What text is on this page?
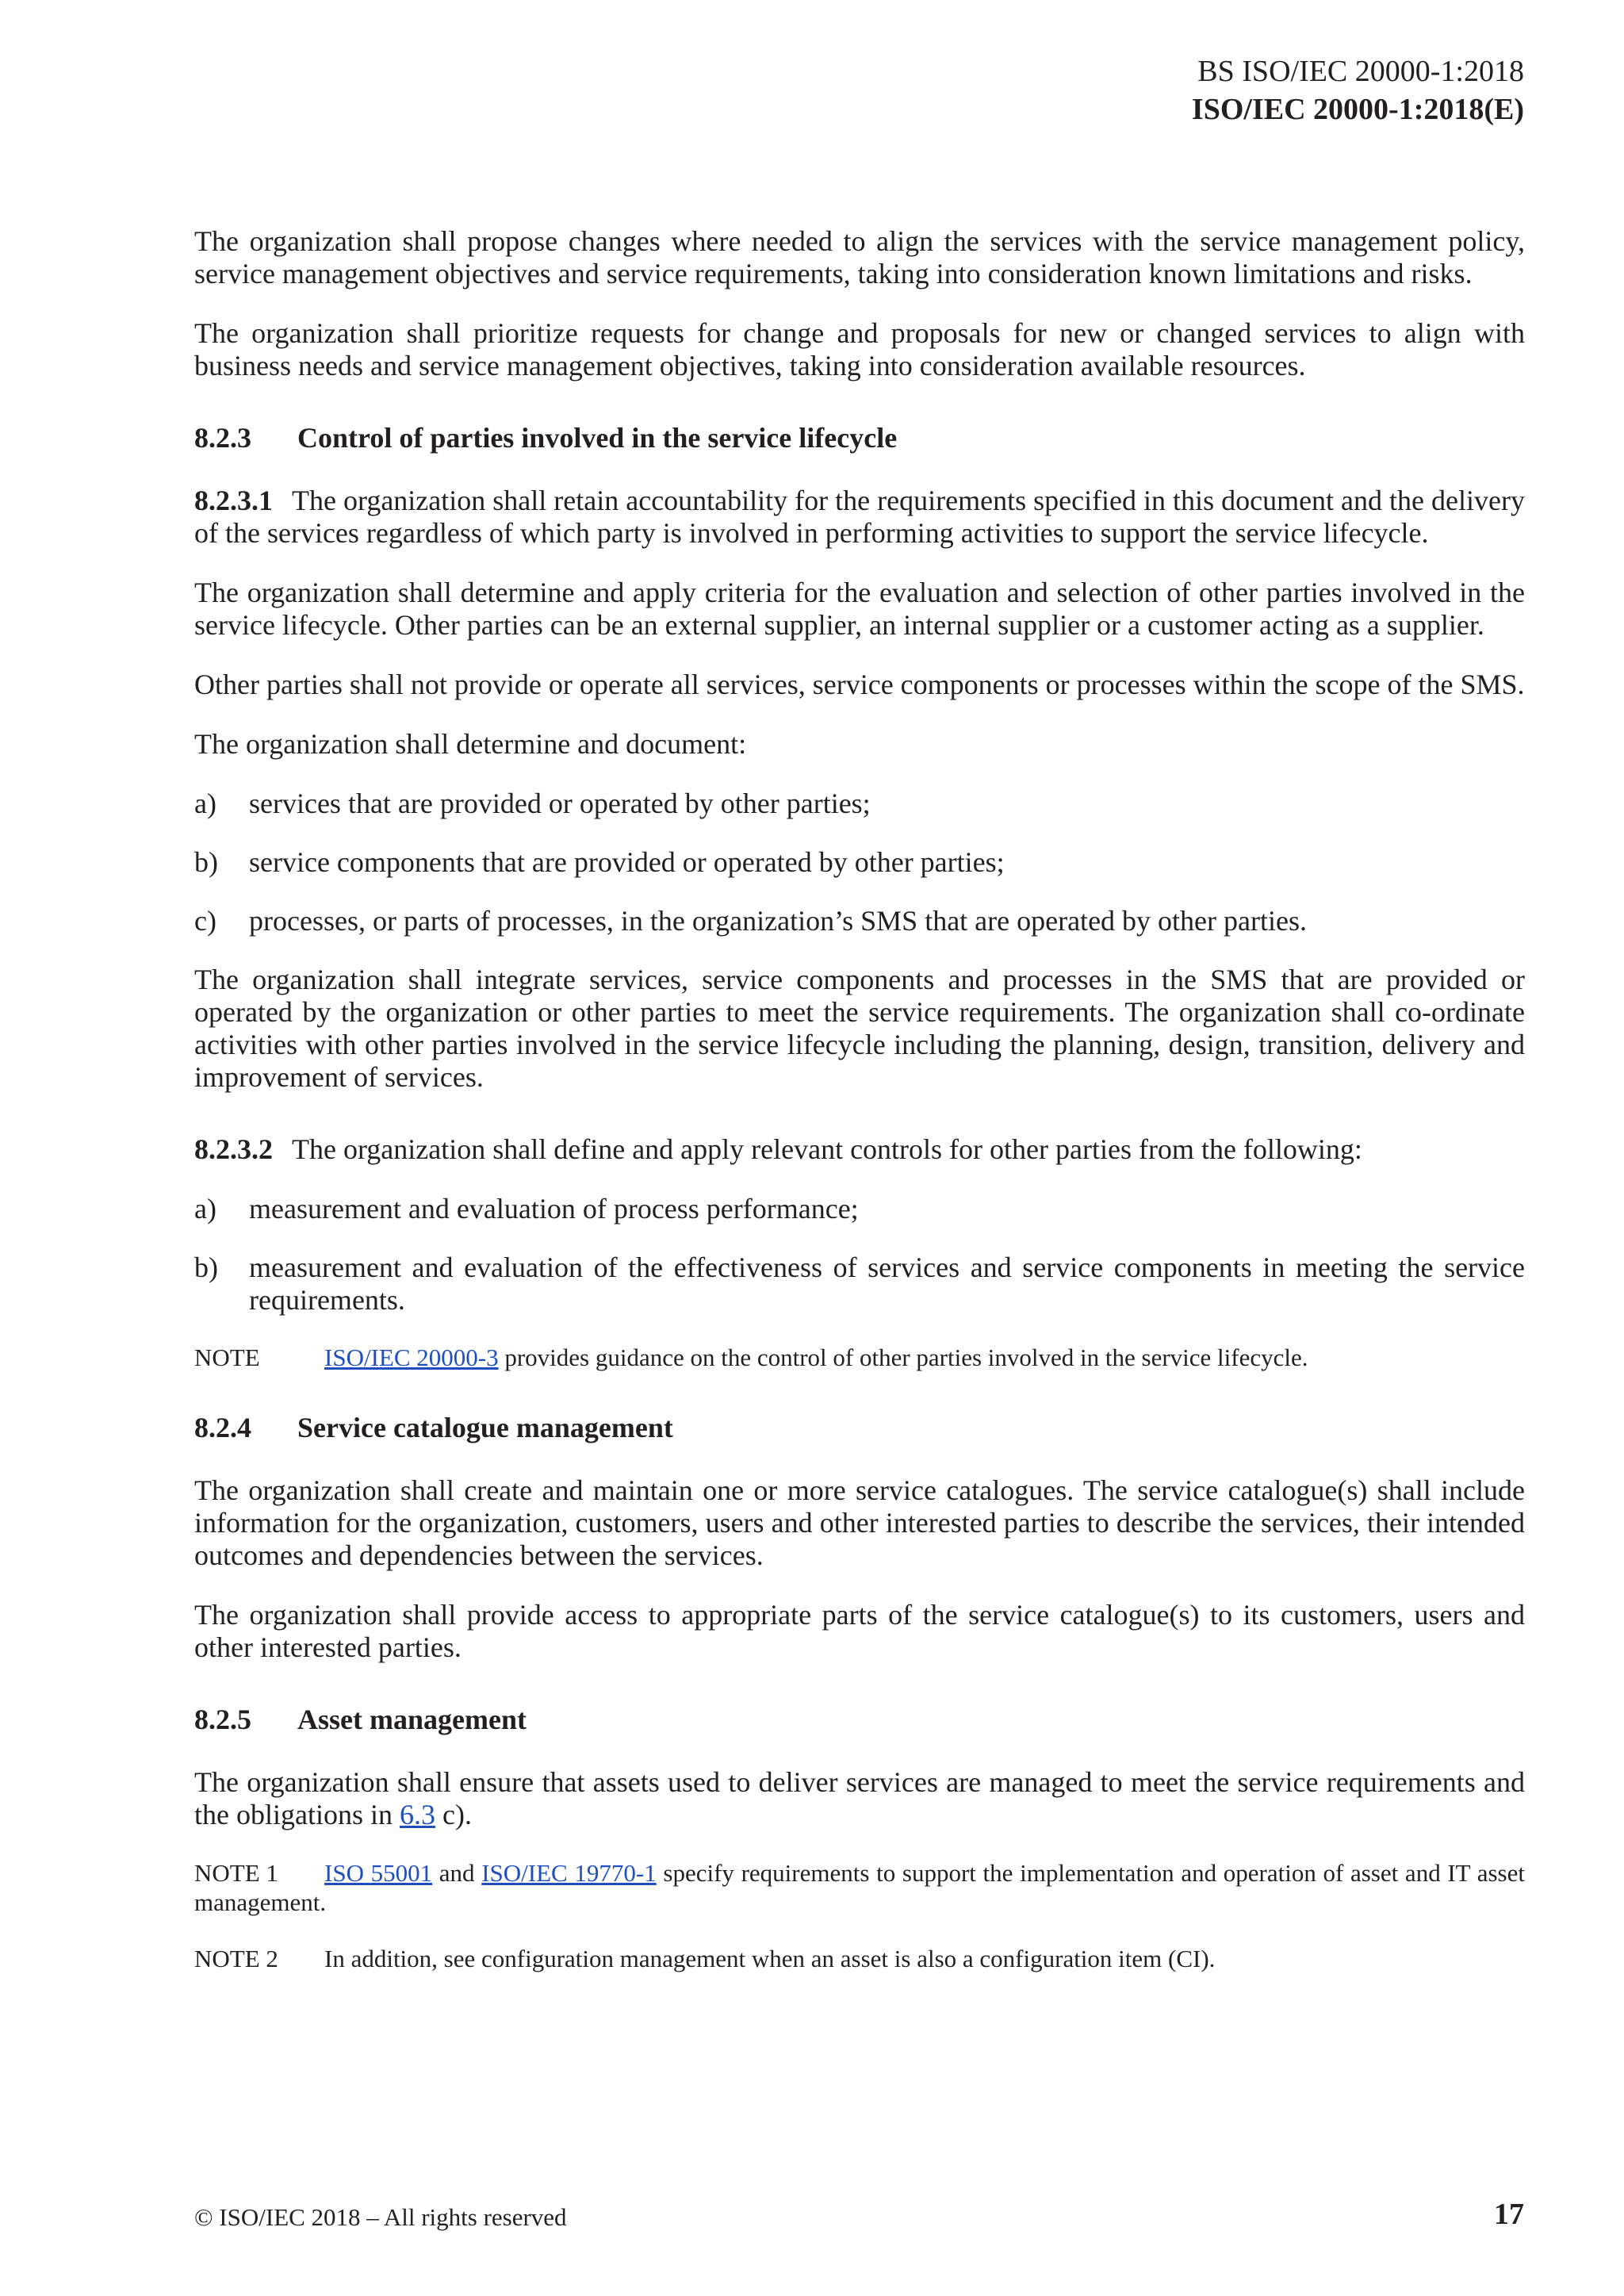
BS ISO/IEC 20000-1:2018
ISO/IEC 20000-1:2018(E)

The organization shall propose changes where needed to align the services with the service management policy, service management objectives and service requirements, taking into consideration known limitations and risks.

The organization shall prioritize requests for change and proposals for new or changed services to align with business needs and service management objectives, taking into consideration available resources.

8.2.3 Control of parties involved in the service lifecycle

8.2.3.1 The organization shall retain accountability for the requirements specified in this document and the delivery of the services regardless of which party is involved in performing activities to support the service lifecycle.

The organization shall determine and apply criteria for the evaluation and selection of other parties involved in the service lifecycle. Other parties can be an external supplier, an internal supplier or a customer acting as a supplier.

Other parties shall not provide or operate all services, service components or processes within the scope of the SMS.

The organization shall determine and document:

a) services that are provided or operated by other parties;
b) service components that are provided or operated by other parties;
c) processes, or parts of processes, in the organization’s SMS that are operated by other parties.

The organization shall integrate services, service components and processes in the SMS that are provided or operated by the organization or other parties to meet the service requirements. The organization shall co-ordinate activities with other parties involved in the service lifecycle including the planning, design, transition, delivery and improvement of services.

8.2.3.2 The organization shall define and apply relevant controls for other parties from the following:

a) measurement and evaluation of process performance;
b) measurement and evaluation of the effectiveness of services and service components in meeting the service requirements.
NOTE	ISO/IEC 20000-3 provides guidance on the control of other parties involved in the service lifecycle.
8.2.4 Service catalogue management

The organization shall create and maintain one or more service catalogues. The service catalogue(s) shall include information for the organization, customers, users and other interested parties to describe the services, their intended outcomes and dependencies between the services.

The organization shall provide access to appropriate parts of the service catalogue(s) to its customers, users and other interested parties.

8.2.5 Asset management

The organization shall ensure that assets used to deliver services are managed to meet the service requirements and the obligations in 6.3 c).

NOTE 1 ISO 55001 and ISO/IEC 19770-1 specify requirements to support the implementation and operation of asset and IT asset management.
NOTE 2 In addition, see configuration management when an asset is also a configuration item (CI).
© ISO/IEC 2018 – All rights reserved	17
